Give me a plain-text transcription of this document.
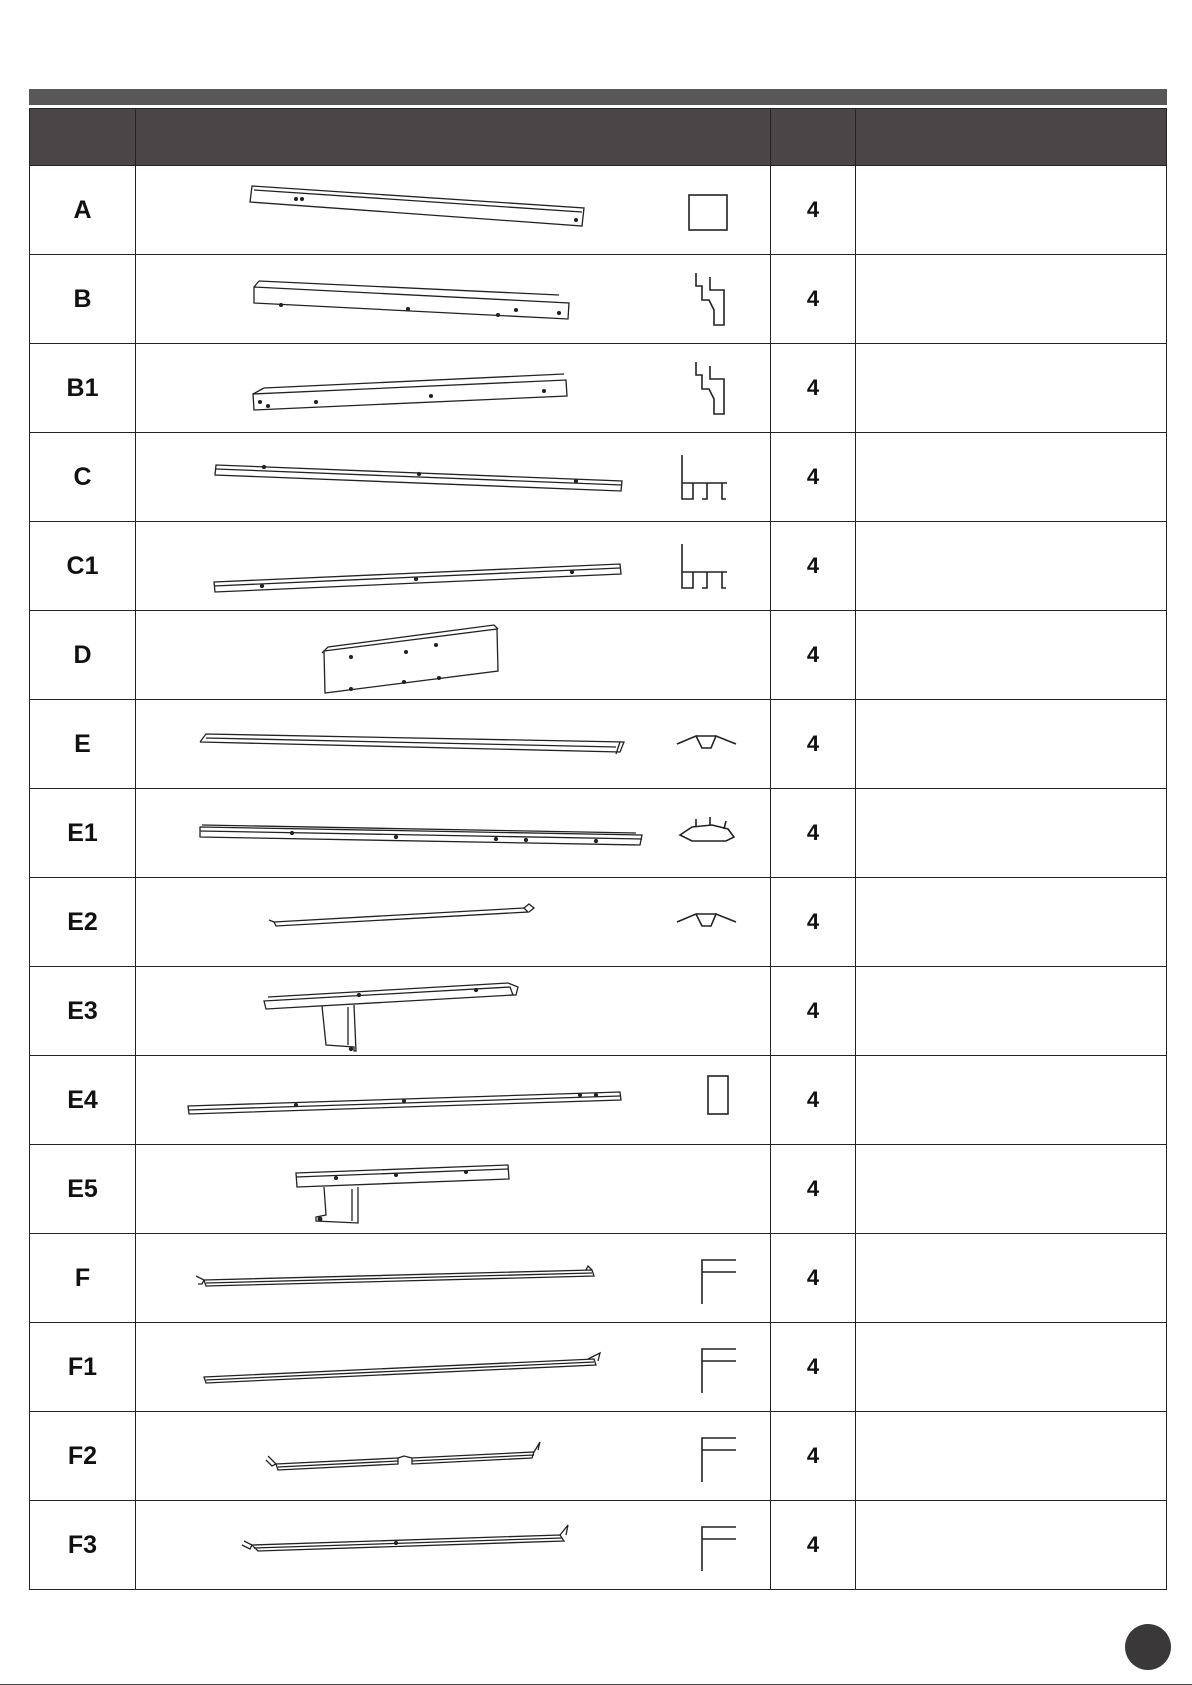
A		4	
B		4	
B1		4	
C		4	
C1		4	
D		4	
E		4	
E1		4	
E2		4	
E3		4	
E4		4	
E5		4	
F		4	
F1		4	
F2		4	
F3		4	
